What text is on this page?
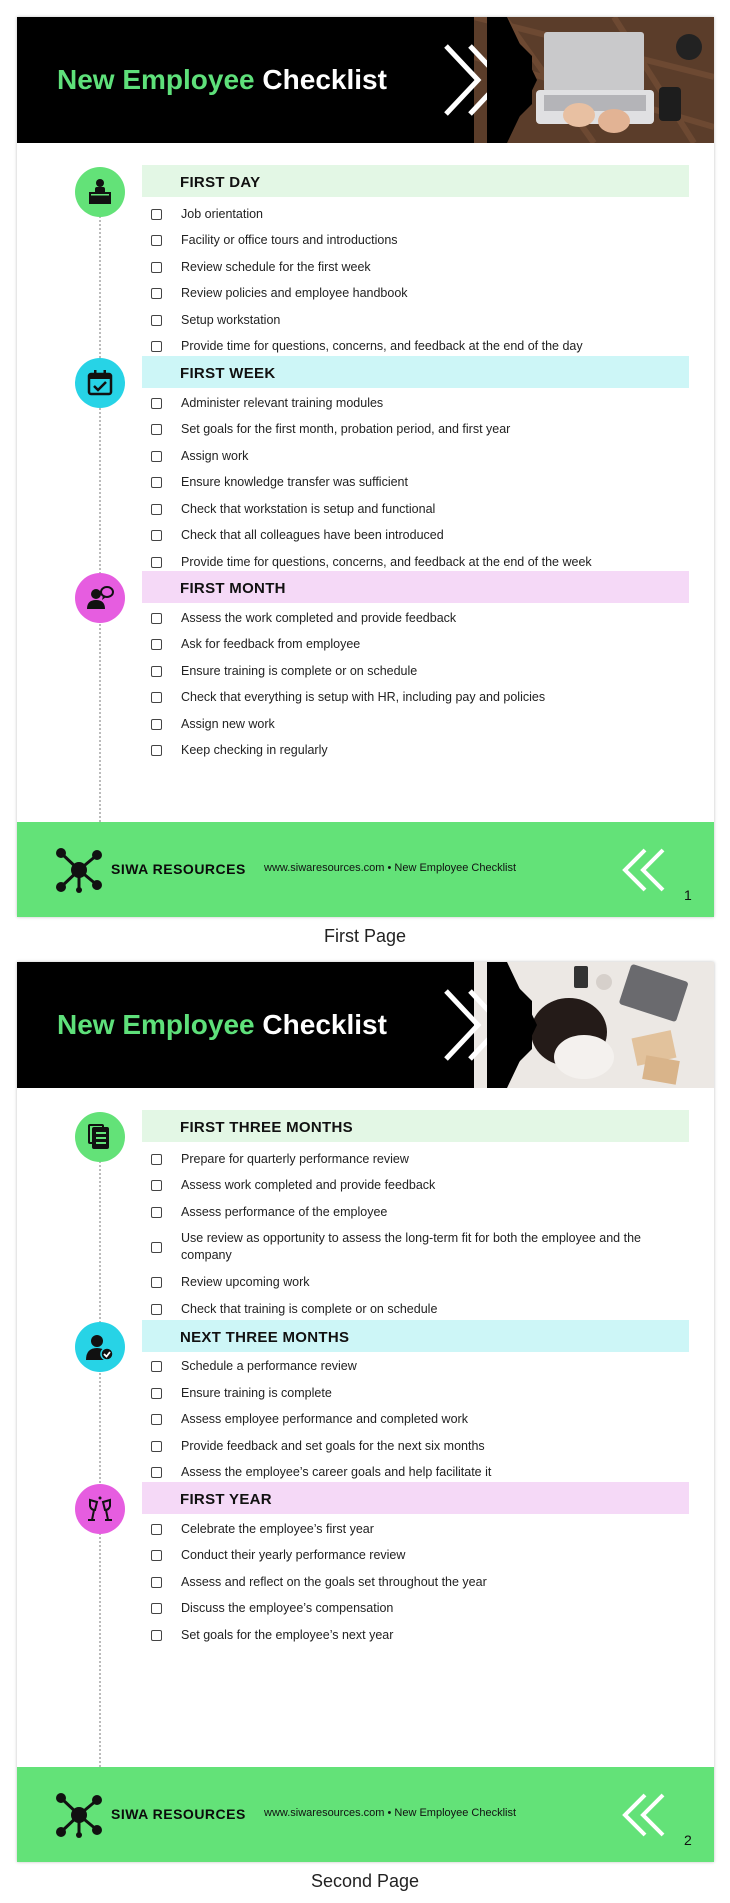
New Employee Checklist
FIRST DAY
Job orientation
Facility or office tours and introductions
Review schedule for the first week
Review policies and employee handbook
Setup workstation
Provide time for questions, concerns, and feedback at the end of the day
FIRST WEEK
Administer relevant training modules
Set goals for the first month, probation period, and first year
Assign work
Ensure knowledge transfer was sufficient
Check that workstation is setup and functional
Check that all colleagues have been introduced
Provide time for questions, concerns, and feedback at the end of the week
FIRST MONTH
Assess the work completed and provide feedback
Ask for feedback from employee
Ensure training is complete or on schedule
Check that everything is setup with HR, including pay and policies
Assign new work
Keep checking in regularly
SIWA RESOURCES www.siwaresources.com • New Employee Checklist
1
First Page
New Employee Checklist
FIRST THREE MONTHS
Prepare for quarterly performance review
Assess work completed and provide feedback
Assess performance of the employee
Use review as opportunity to assess the long-term fit for both the employee and the company
Review upcoming work
Check that training is complete or on schedule
NEXT THREE MONTHS
Schedule a performance review
Ensure training is complete
Assess employee performance and completed work
Provide feedback and set goals for the next six months
Assess the employee’s career goals and help facilitate it
FIRST YEAR
Celebrate the employee’s first year
Conduct their yearly performance review
Assess and reflect on the goals set throughout the year
Discuss the employee’s compensation
Set goals for the employee’s next year
SIWA RESOURCES www.siwaresources.com • New Employee Checklist
2
Second Page
